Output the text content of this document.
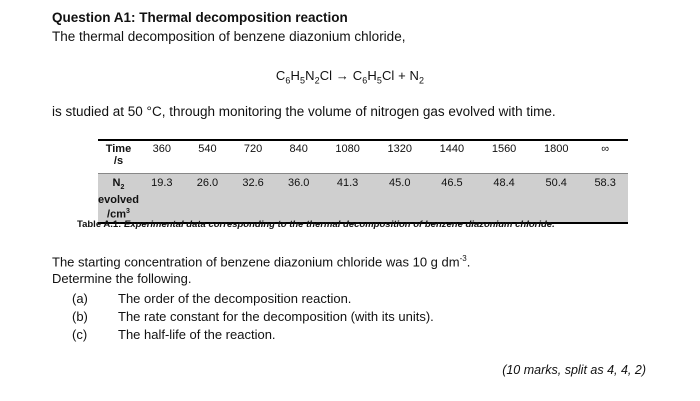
Question A1: Thermal decomposition reaction
The thermal decomposition of benzene diazonium chloride,
$C_6H_5N_2Cl \to C_6H_5Cl + N_2$
is studied at 50 °C, through monitoring the volume of nitrogen gas evolved with time.
Time
/s	360	540	720	840	1080	1320	1440	1560	1800	∞

$N_2$
evolved
$/cm^3$	19.3	26.0	32.6	36.0	41.3	45.0	46.5	48.4	50.4	58.3
Table A.1: Experimental data corresponding to the thermal decomposition of benzene diazonium chloride.
The starting concentration of benzene diazonium chloride was 10 g $dm^{-3}$.
Determine the following.
(a) The order of the decomposition reaction.
(b) The rate constant for the decomposition (with its units).
(c) The half-life of the reaction.
(10 marks, split as 4, 4, 2)
